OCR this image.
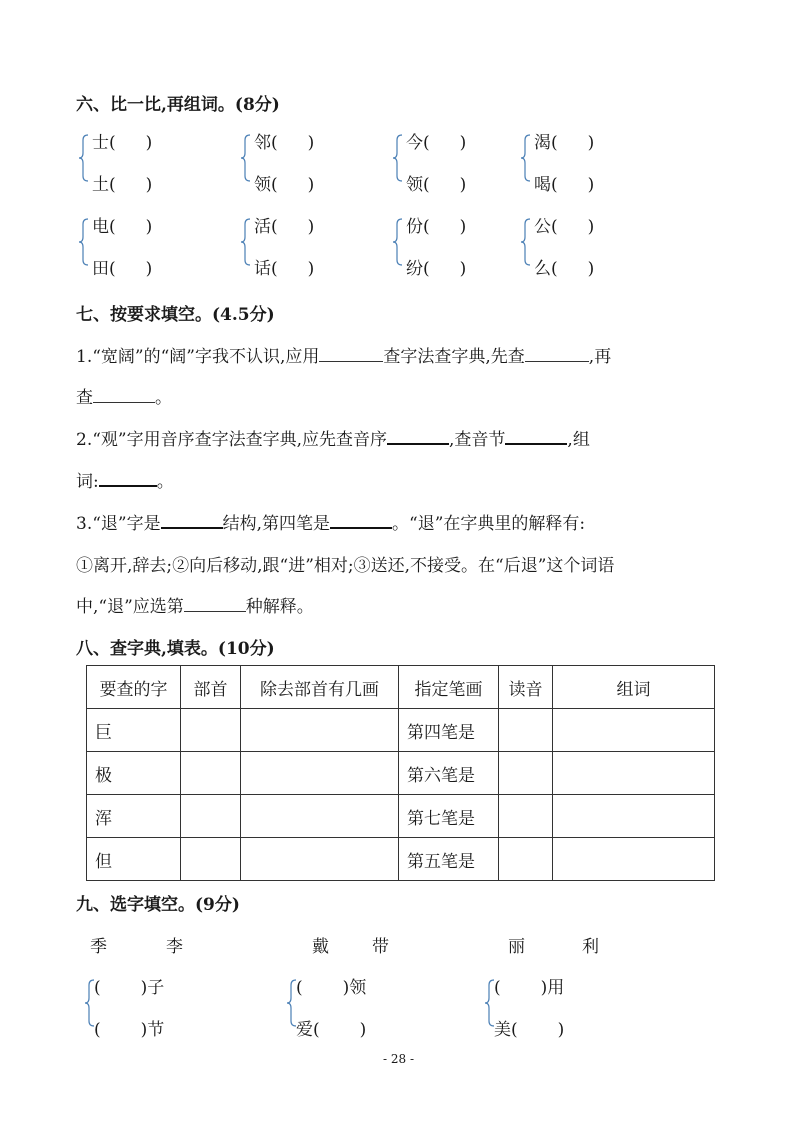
六、比一比,再组词。(8分)
士( )
土( )
邻( )
领( )
今( )
领( )
渴( )
喝( )
电( )
田( )
活( )
话( )
份( )
纷( )
公( )
么( )
七、按要求填空。(4.5分)
1.“宽阔”的“阔”字我不认识,应用	查字法查字典,先查	,再
查	。
2.“观”字用音序查字法查字典,应先查音序	,查音节	,组
词:	。
3.“退”字是	结构,第四笔是	。“退”在字典里的解释有:
①离开,辞去;②向后移动,跟“进”相对;③送还,不接受。在“后退”这个词语
中,“退”应选第	种解释。
八、查字典,填表。(10分)
要查的字	部首	除去部首有几画	指定笔画	读音	组词
巨			第四笔是		
极			第六笔是		
浑			第七笔是		
但			第五笔是		
九、选字填空。(9分)
季	李	戴	带	丽	利
( )子
( )节
( )领
爱( )
( )用
美( )
- 28 -
